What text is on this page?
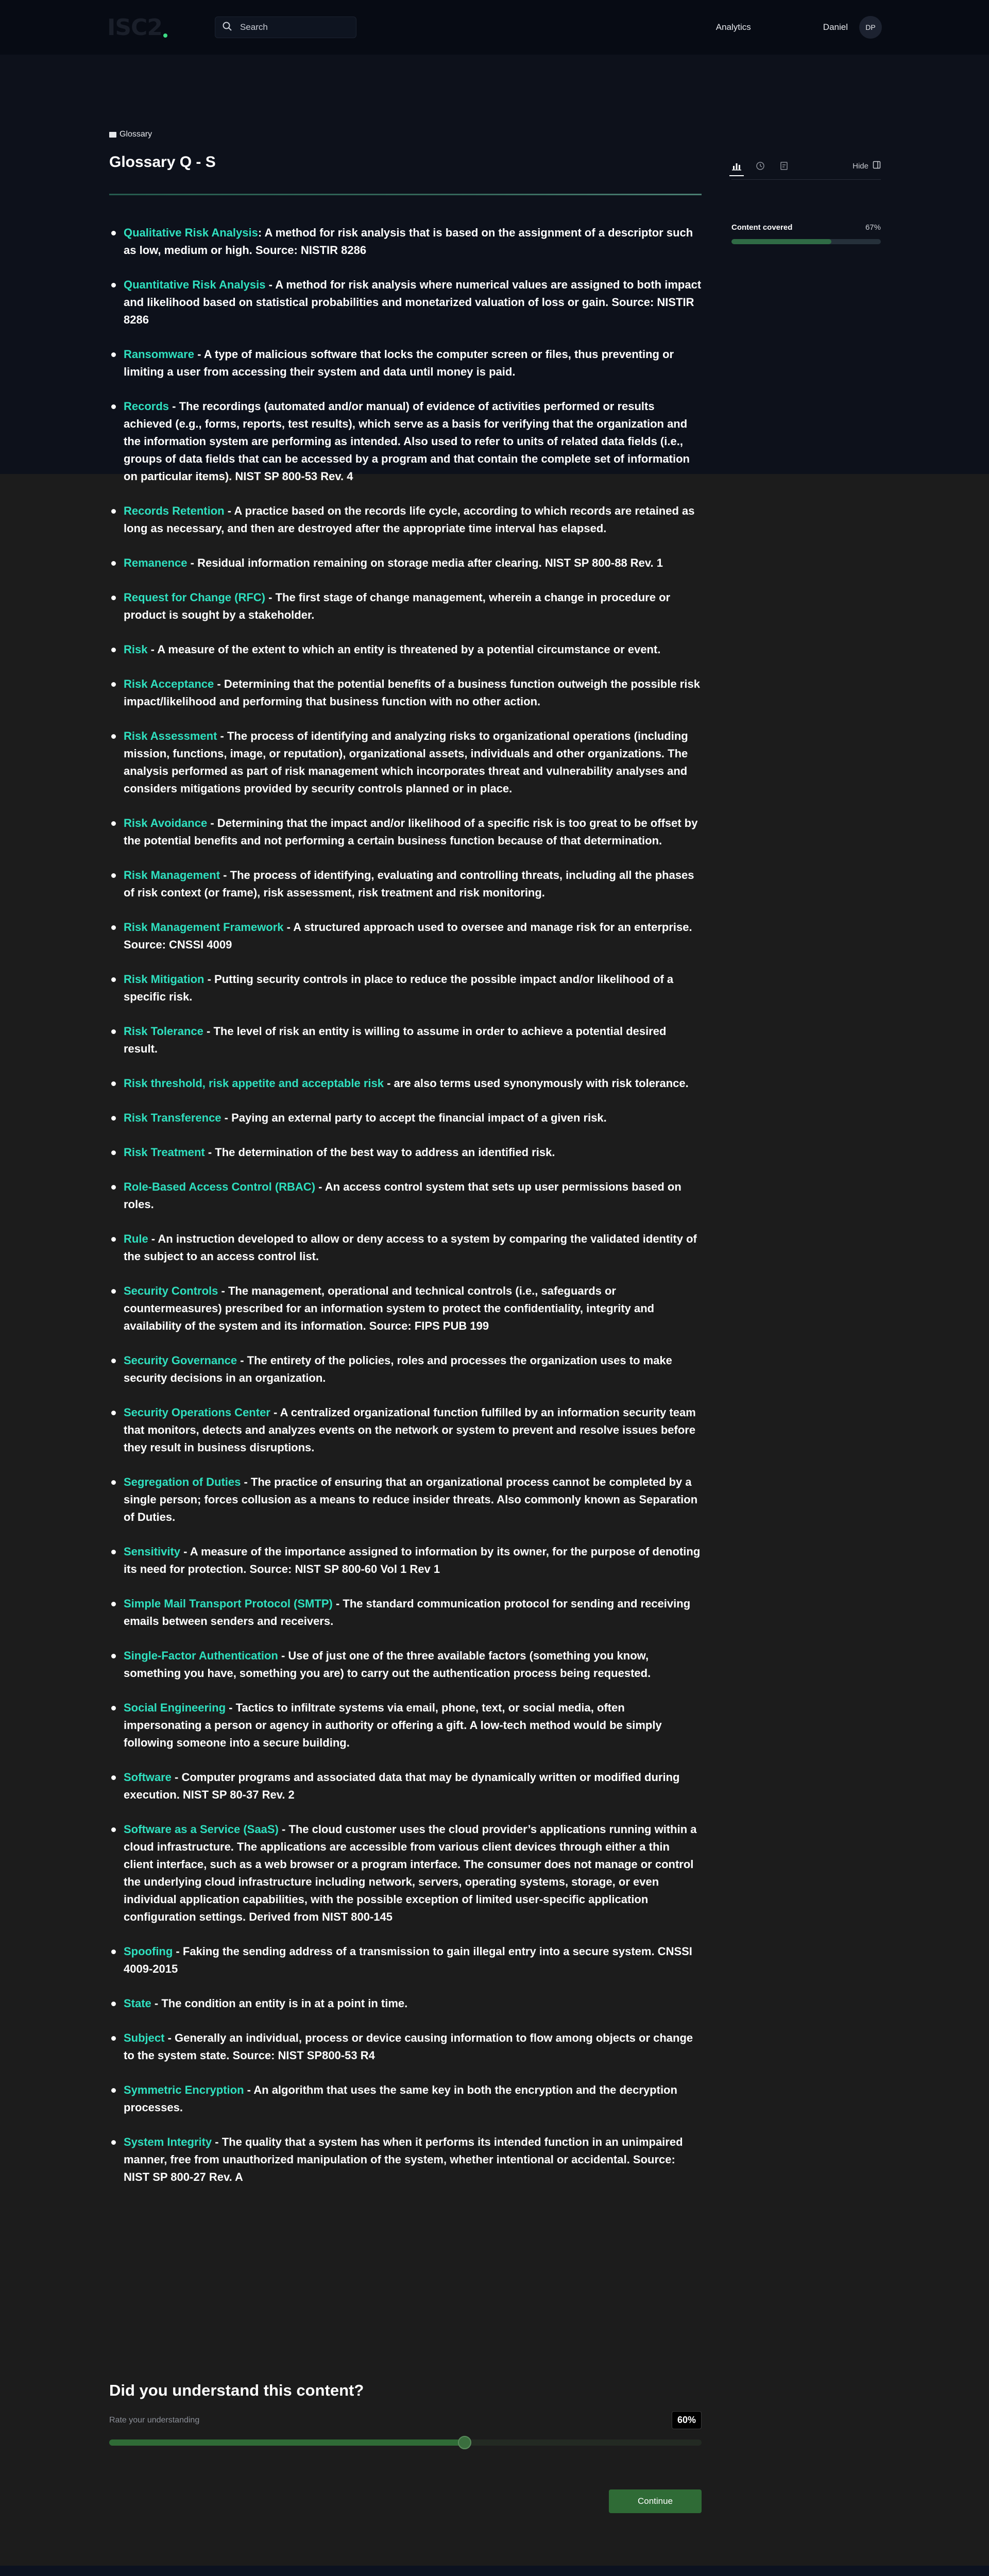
ISC2
Search	Analytics	Daniel	DP
Glossary
Glossary Q - S
Qualitative Risk Analysis: A method for risk analysis that is based on the assignment of a descriptor such as low, medium or high. Source: NISTIR 8286
Quantitative Risk Analysis - A method for risk analysis where numerical values are assigned to both impact and likelihood based on statistical probabilities and monetarized valuation of loss or gain. Source: NISTIR 8286
Ransomware - A type of malicious software that locks the computer screen or files, thus preventing or limiting a user from accessing their system and data until money is paid.
Records - The recordings (automated and/or manual) of evidence of activities performed or results achieved (e.g., forms, reports, test results), which serve as a basis for verifying that the organization and the information system are performing as intended. Also used to refer to units of related data fields (i.e., groups of data fields that can be accessed by a program and that contain the complete set of information on particular items). NIST SP 800-53 Rev. 4
Records Retention - A practice based on the records life cycle, according to which records are retained as long as necessary, and then are destroyed after the appropriate time interval has elapsed.
Remanence - Residual information remaining on storage media after clearing. NIST SP 800-88 Rev. 1
Request for Change (RFC) - The first stage of change management, wherein a change in procedure or product is sought by a stakeholder.
Risk - A measure of the extent to which an entity is threatened by a potential circumstance or event.
Risk Acceptance - Determining that the potential benefits of a business function outweigh the possible risk impact/likelihood and performing that business function with no other action.
Risk Assessment - The process of identifying and analyzing risks to organizational operations (including mission, functions, image, or reputation), organizational assets, individuals and other organizations. The analysis performed as part of risk management which incorporates threat and vulnerability analyses and considers mitigations provided by security controls planned or in place.
Risk Avoidance - Determining that the impact and/or likelihood of a specific risk is too great to be offset by the potential benefits and not performing a certain business function because of that determination.
Risk Management - The process of identifying, evaluating and controlling threats, including all the phases of risk context (or frame), risk assessment, risk treatment and risk monitoring.
Risk Management Framework - A structured approach used to oversee and manage risk for an enterprise. Source: CNSSI 4009
Risk Mitigation - Putting security controls in place to reduce the possible impact and/or likelihood of a specific risk.
Risk Tolerance - The level of risk an entity is willing to assume in order to achieve a potential desired result.
Risk threshold, risk appetite and acceptable risk - are also terms used synonymously with risk tolerance.
Risk Transference - Paying an external party to accept the financial impact of a given risk.
Risk Treatment - The determination of the best way to address an identified risk.
Role-Based Access Control (RBAC) - An access control system that sets up user permissions based on roles.
Rule - An instruction developed to allow or deny access to a system by comparing the validated identity of the subject to an access control list.
Security Controls - The management, operational and technical controls (i.e., safeguards or countermeasures) prescribed for an information system to protect the confidentiality, integrity and availability of the system and its information. Source: FIPS PUB 199
Security Governance - The entirety of the policies, roles and processes the organization uses to make security decisions in an organization.
Security Operations Center - A centralized organizational function fulfilled by an information security team that monitors, detects and analyzes events on the network or system to prevent and resolve issues before they result in business disruptions.
Segregation of Duties - The practice of ensuring that an organizational process cannot be completed by a single person; forces collusion as a means to reduce insider threats. Also commonly known as Separation of Duties.
Sensitivity - A measure of the importance assigned to information by its owner, for the purpose of denoting its need for protection. Source: NIST SP 800-60 Vol 1 Rev 1
Simple Mail Transport Protocol (SMTP) - The standard communication protocol for sending and receiving emails between senders and receivers.
Single-Factor Authentication - Use of just one of the three available factors (something you know, something you have, something you are) to carry out the authentication process being requested.
Social Engineering - Tactics to infiltrate systems via email, phone, text, or social media, often impersonating a person or agency in authority or offering a gift. A low-tech method would be simply following someone into a secure building.
Software - Computer programs and associated data that may be dynamically written or modified during execution. NIST SP 80-37 Rev. 2
Software as a Service (SaaS) - The cloud customer uses the cloud provider’s applications running within a cloud infrastructure. The applications are accessible from various client devices through either a thin client interface, such as a web browser or a program interface. The consumer does not manage or control the underlying cloud infrastructure including network, servers, operating systems, storage, or even individual application capabilities, with the possible exception of limited user-specific application configuration settings. Derived from NIST 800-145
Spoofing - Faking the sending address of a transmission to gain illegal entry into a secure system. CNSSI 4009-2015
State - The condition an entity is in at a point in time.
Subject - Generally an individual, process or device causing information to flow among objects or change to the system state. Source: NIST SP800-53 R4
Symmetric Encryption - An algorithm that uses the same key in both the encryption and the decryption processes.
System Integrity - The quality that a system has when it performs its intended function in an unimpaired manner, free from unauthorized manipulation of the system, whether intentional or accidental. Source: NIST SP 800-27 Rev. A
Hide
Content covered	67%
Did you understand this content?
Rate your understanding	60%
Continue
